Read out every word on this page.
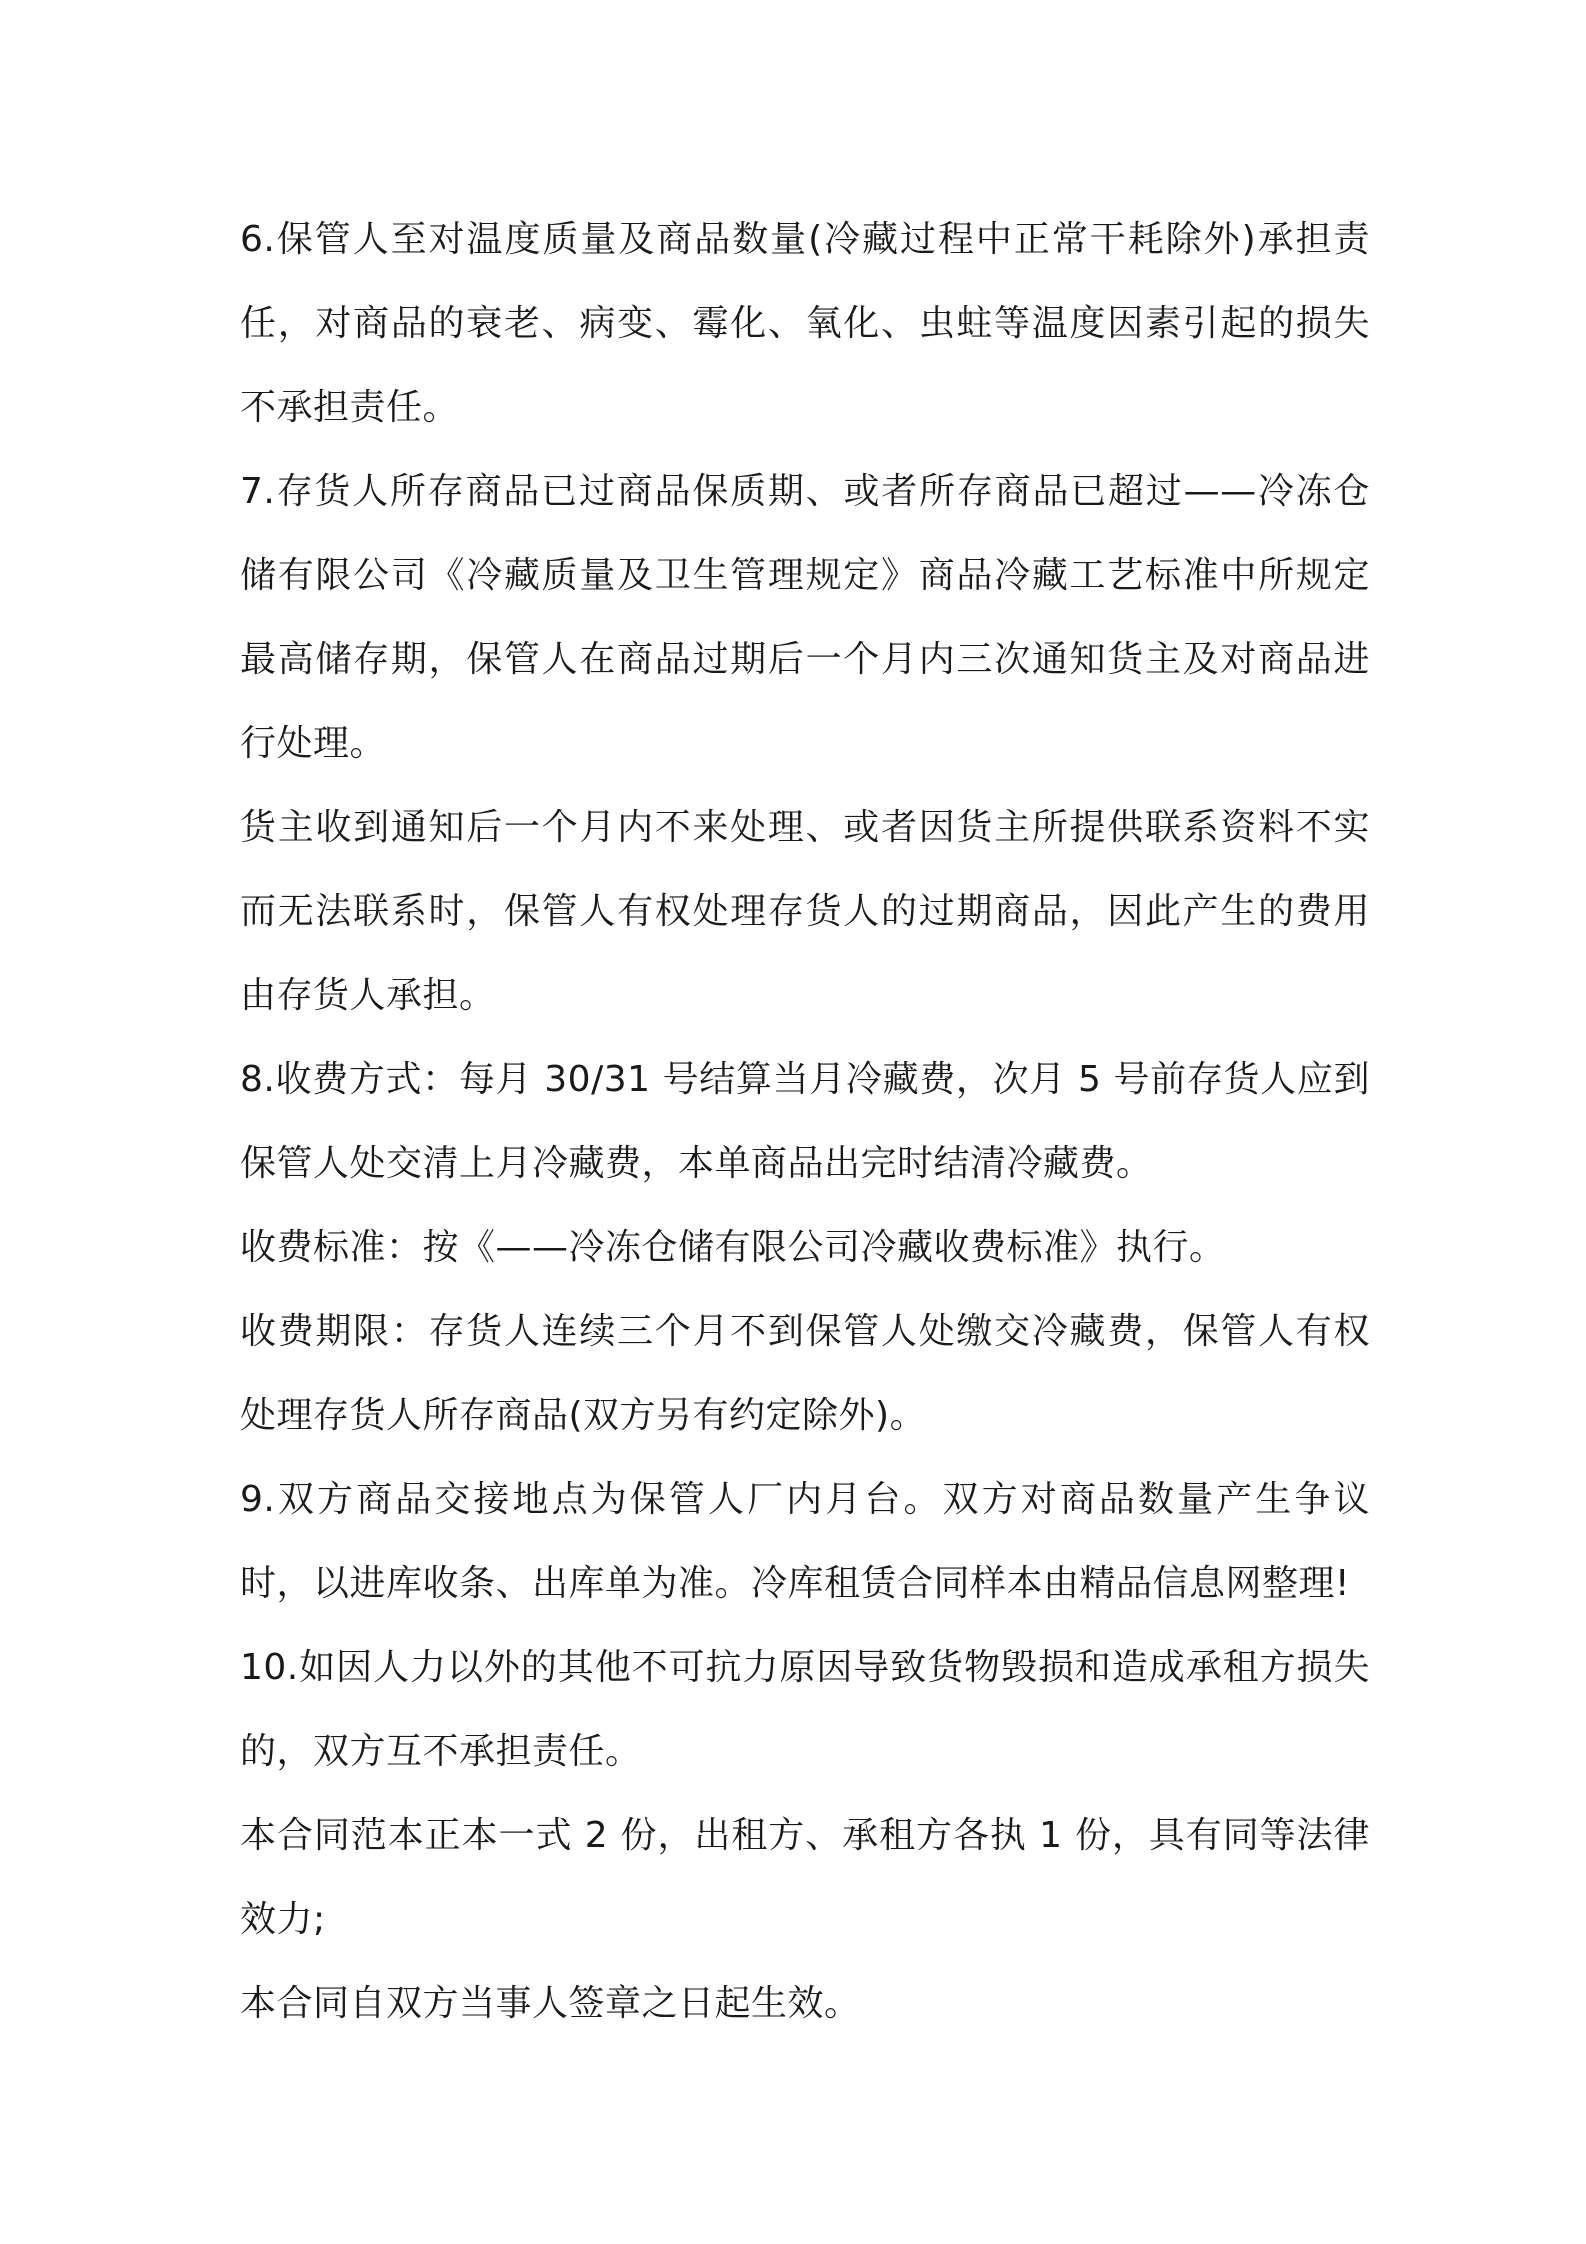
6.保管人至对温度质量及商品数量(冷藏过程中正常干耗除外)承担责任，对商品的衰老、病变、霉化、氧化、虫蛀等温度因素引起的损失不承担责任。

7.存货人所存商品已过商品保质期、或者所存商品已超过——冷冻仓储有限公司《冷藏质量及卫生管理规定》商品冷藏工艺标准中所规定最高储存期，保管人在商品过期后一个月内三次通知货主及对商品进行处理。

货主收到通知后一个月内不来处理、或者因货主所提供联系资料不实而无法联系时，保管人有权处理存货人的过期商品，因此产生的费用由存货人承担。

8.收费方式：每月 30/31 号结算当月冷藏费，次月 5 号前存货人应到保管人处交清上月冷藏费，本单商品出完时结清冷藏费。

收费标准：按《——冷冻仓储有限公司冷藏收费标准》执行。

收费期限：存货人连续三个月不到保管人处缴交冷藏费，保管人有权处理存货人所存商品(双方另有约定除外)。

9.双方商品交接地点为保管人厂内月台。双方对商品数量产生争议时，以进库收条、出库单为准。冷库租赁合同样本由精品信息网整理!

10.如因人力以外的其他不可抗力原因导致货物毁损和造成承租方损失的，双方互不承担责任。

本合同范本正本一式 2 份，出租方、承租方各执 1 份，具有同等法律效力;

本合同自双方当事人签章之日起生效。
